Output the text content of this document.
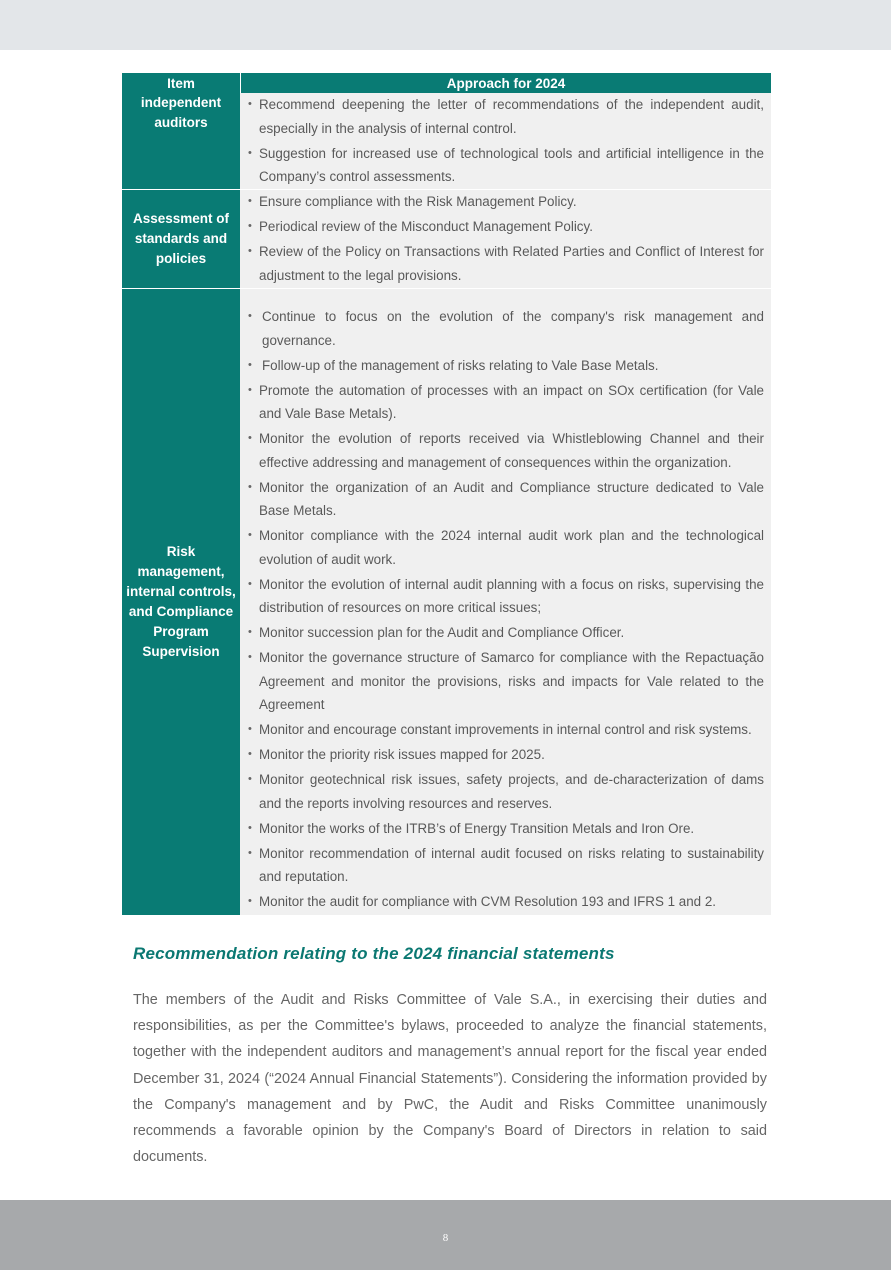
Item	Approach for 2024
independent auditors
• Recommend deepening the letter of recommendations of the independent audit, especially in the analysis of internal control.
• Suggestion for increased use of technological tools and artificial intelligence in the Company’s control assessments.
Assessment of standards and policies
• Ensure compliance with the Risk Management Policy.
• Periodical review of the Misconduct Management Policy.
• Review of the Policy on Transactions with Related Parties and Conflict of Interest for adjustment to the legal provisions.
Risk management, internal controls, and Compliance Program Supervision
• Continue to focus on the evolution of the company's risk management and governance.
• Follow-up of the management of risks relating to Vale Base Metals.
• Promote the automation of processes with an impact on SOx certification (for Vale and Vale Base Metals).
• Monitor the evolution of reports received via Whistleblowing Channel and their effective addressing and management of consequences within the organization.
• Monitor the organization of an Audit and Compliance structure dedicated to Vale Base Metals.
• Monitor compliance with the 2024 internal audit work plan and the technological evolution of audit work.
• Monitor the evolution of internal audit planning with a focus on risks, supervising the distribution of resources on more critical issues;
• Monitor succession plan for the Audit and Compliance Officer.
• Monitor the governance structure of Samarco for compliance with the Repactuação Agreement and monitor the provisions, risks and impacts for Vale related to the Agreement
• Monitor and encourage constant improvements in internal control and risk systems.
• Monitor the priority risk issues mapped for 2025.
• Monitor geotechnical risk issues, safety projects, and de-characterization of dams and the reports involving resources and reserves.
• Monitor the works of the ITRB’s of Energy Transition Metals and Iron Ore.
• Monitor recommendation of internal audit focused on risks relating to sustainability and reputation.
• Monitor the audit for compliance with CVM Resolution 193 and IFRS 1 and 2.
Recommendation relating to the 2024 financial statements

The members of the Audit and Risks Committee of Vale S.A., in exercising their duties and responsibilities, as per the Committee's bylaws, proceeded to analyze the financial statements, together with the independent auditors and management’s annual report for the fiscal year ended December 31, 2024 (“2024 Annual Financial Statements”). Considering the information provided by the Company's management and by PwC, the Audit and Risks Committee unanimously recommends a favorable opinion by the Company's Board of Directors in relation to said documents.

8
